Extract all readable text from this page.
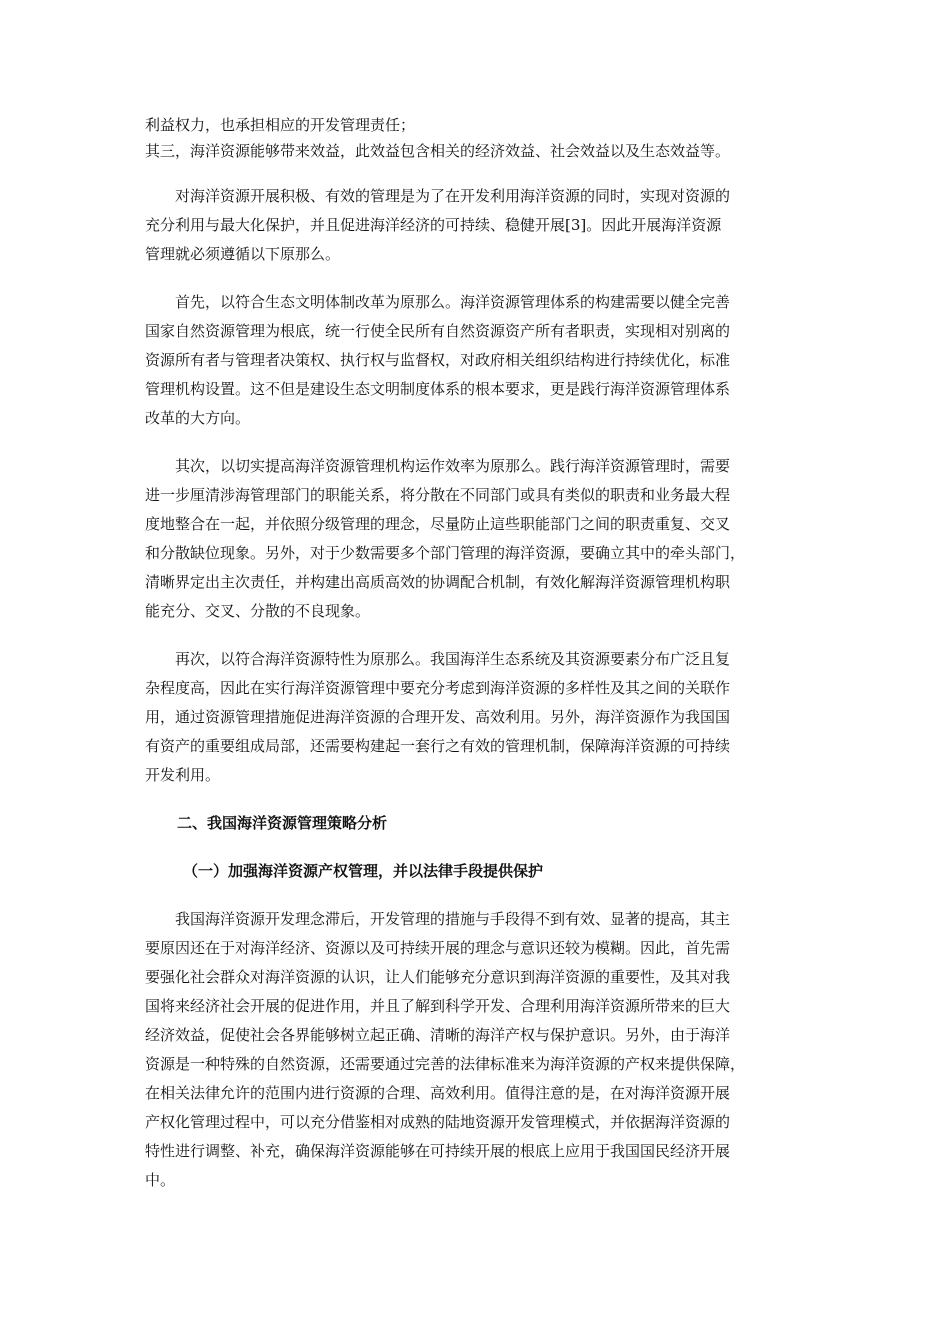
利益权力，也承担相应的开发管理责任；
其三，海洋资源能够带来效益，此效益包含相关的经济效益、社会效益以及生态效益等。

　　对海洋资源开展积极、有效的管理是为了在开发利用海洋资源的同时，实现对资源的
充分利用与最大化保护，并且促进海洋经济的可持续、稳健开展[3]。因此开展海洋资源
管理就必须遵循以下原那么。

　　首先，以符合生态文明体制改革为原那么。海洋资源管理体系的构建需要以健全完善
国家自然资源管理为根底，统一行使全民所有自然资源资产所有者职责，实现相对别离的
资源所有者与管理者决策权、执行权与监督权，对政府相关组织结构进行持续优化，标准
管理机构设置。这不但是建设生态文明制度体系的根本要求，更是践行海洋资源管理体系
改革的大方向。

　　其次，以切实提高海洋资源管理机构运作效率为原那么。践行海洋资源管理时，需要
进一步厘清涉海管理部门的职能关系，将分散在不同部门或具有类似的职责和业务最大程
度地整合在一起，并依照分级管理的理念，尽量防止這些职能部门之间的职责重复、交叉
和分散缺位现象。另外，对于少数需要多个部门管理的海洋资源，要确立其中的牵头部门，
清晰界定出主次责任，并构建出高质高效的协调配合机制，有效化解海洋资源管理机构职
能充分、交叉、分散的不良现象。

　　再次，以符合海洋资源特性为原那么。我国海洋生态系统及其资源要素分布广泛且复
杂程度高，因此在实行海洋资源管理中要充分考虑到海洋资源的多样性及其之间的关联作
用，通过资源管理措施促进海洋资源的合理开发、高效利用。另外，海洋资源作为我国国
有资产的重要组成局部，还需要构建起一套行之有效的管理机制，保障海洋资源的可持续
开发利用。

二、我国海洋资源管理策略分析
（一）加强海洋资源产权管理，并以法律手段提供保护

　　我国海洋资源开发理念滞后，开发管理的措施与手段得不到有效、显著的提高，其主
要原因还在于对海洋经济、资源以及可持续开展的理念与意识还较为模糊。因此，首先需
要强化社会群众对海洋资源的认识，让人们能够充分意识到海洋资源的重要性，及其对我
国将来经济社会开展的促进作用，并且了解到科学开发、合理利用海洋资源所带来的巨大
经济效益，促使社会各界能够树立起正确、清晰的海洋产权与保护意识。另外，由于海洋
资源是一种特殊的自然资源，还需要通过完善的法律标准来为海洋资源的产权来提供保障，
在相关法律允许的范围内进行资源的合理、高效利用。值得注意的是，在对海洋资源开展
产权化管理过程中，可以充分借鉴相对成熟的陆地资源开发管理模式，并依据海洋资源的
特性进行调整、补充，确保海洋资源能够在可持续开展的根底上应用于我国国民经济开展
中。
